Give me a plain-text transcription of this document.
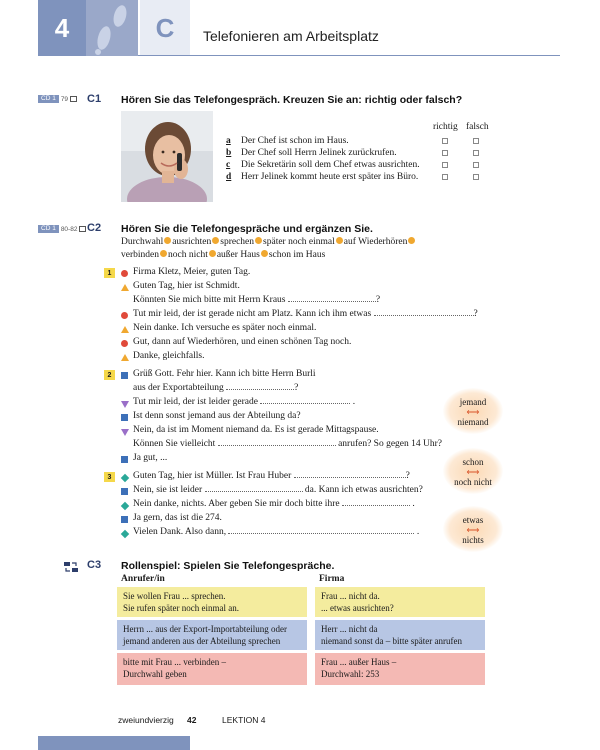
4	C	Telefonieren am Arbeitsplatz
CD 1 79 C1 Hören Sie das Telefongespräch. Kreuzen Sie an: richtig oder falsch?
richtig falsch
a Der Chef ist schon im Haus.
b Der Chef soll Herrn Jelinek zurückrufen.
c Die Sekretärin soll dem Chef etwas ausrichten.
d Herr Jelinek kommt heute erst später ins Büro.
CD 1 80-82 C2 Hören Sie die Telefongespräche und ergänzen Sie.
Durchwahl ausrichten sprechen später noch einmal auf Wiederhören
verbinden noch nicht außer Haus schon im Haus
1	Firma Kletz, Meier, guten Tag.
Guten Tag, hier ist Schmidt.
Könnten Sie mich bitte mit Herrn Kraus	?
Tut mir leid, der ist gerade nicht am Platz. Kann ich ihm etwas	?
Nein danke. Ich versuche es später noch einmal.
Gut, dann auf Wiederhören, und einen schönen Tag noch.
Danke, gleichfalls.
2	Grüß Gott. Fehr hier. Kann ich bitte Herrn Burli
aus der Exportabteilung	?
Tut mir leid, der ist leider gerade	.
Ist denn sonst jemand aus der Abteilung da?
Nein, da ist im Moment niemand da. Es ist gerade Mittagspause.
Können Sie vielleicht	anrufen? So gegen 14 Uhr?
Ja gut, ...
3	Guten Tag, hier ist Müller. Ist Frau Huber	?
Nein, sie ist leider	da. Kann ich etwas ausrichten?
Nein danke, nichts. Aber geben Sie mir doch bitte ihre	.
Ja gern, das ist die 274.
Vielen Dank. Also dann,	.
jemand
⟷
niemand
schon
⟷
noch nicht
etwas
⟷
nichts
C3 Rollenspiel: Spielen Sie Telefongespräche.
Anrufer/in	Firma
Sie wollen Frau ... sprechen.
Sie rufen später noch einmal an.
Frau ... nicht da.
... etwas ausrichten?
Herrn ... aus der Export-Importabteilung oder
jemand anderen aus der Abteilung sprechen
Herr ... nicht da
niemand sonst da – bitte später anrufen
bitte mit Frau ... verbinden –
Durchwahl geben
Frau ... außer Haus –
Durchwahl: 253
zweiundvierzig 42	LEKTION 4
